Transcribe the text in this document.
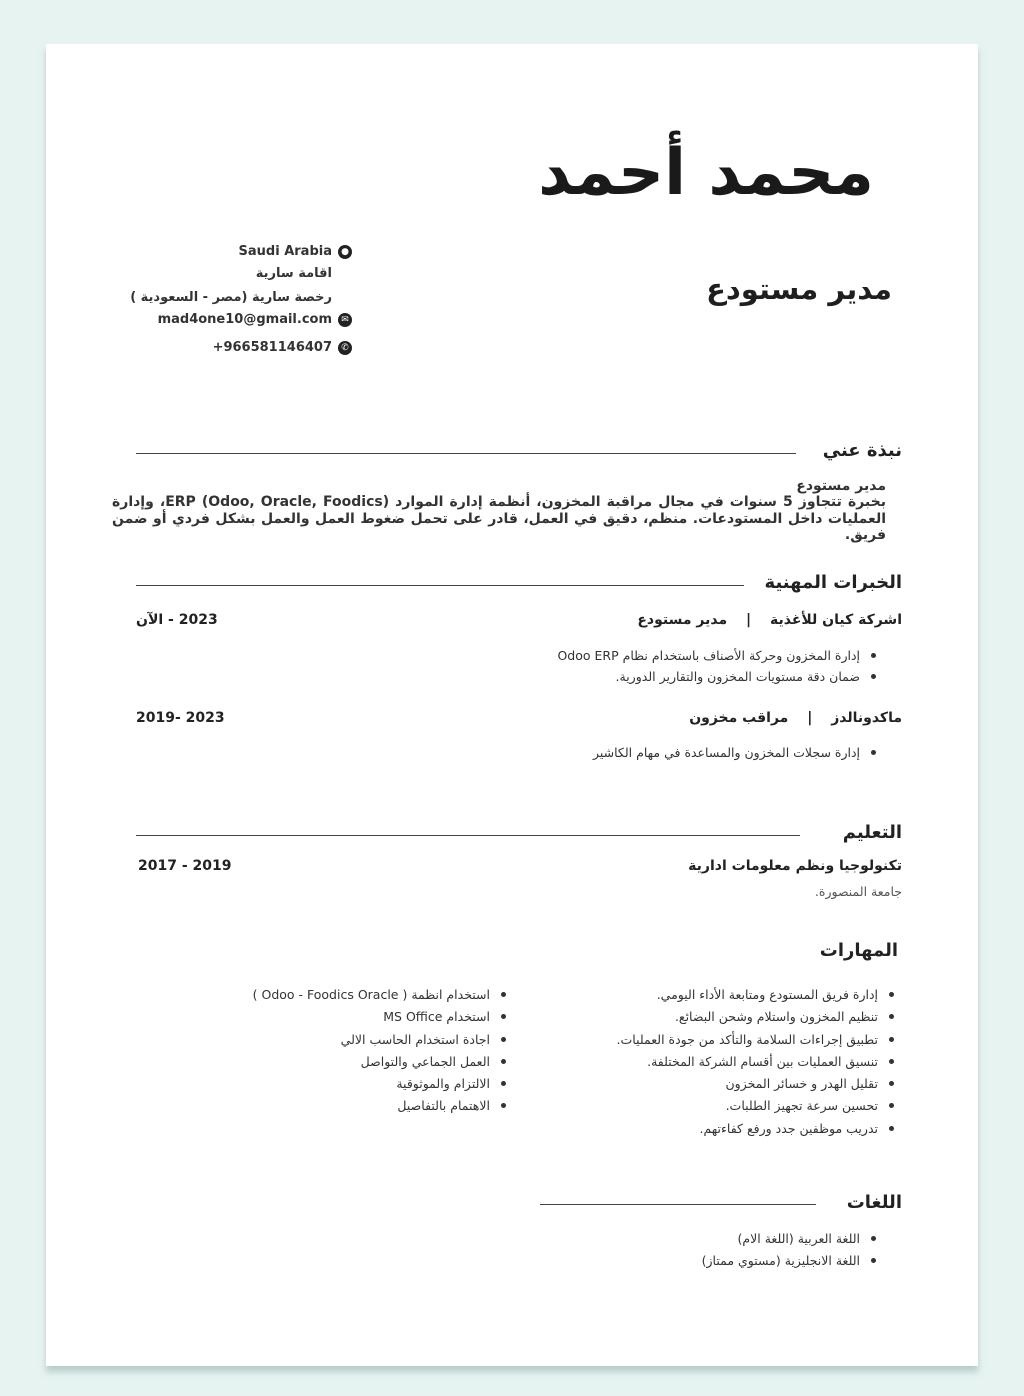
محمد أحمد
مدير مستودع
Saudi Arabia ●
اقامة سارية
رخصة سارية (مصر - السعودية )
mad4one10@gmail.com ✉
+966581146407 ✆
نبذة عني
مدير مستودع
بخبرة تتجاوز 5 سنوات في مجال مراقبة المخزون، أنظمة إدارة الموارد ERP (Odoo, Oracle, Foodics)، وإدارة العمليات داخل المستودعات. منظم، دقيق في العمل، قادر على تحمل ضغوط العمل والعمل بشكل فردي أو ضمن فريق.
الخبرات المهنية
اشركة كيان للأغذية | مدير مستودع
2023 - الآن
إدارة المخزون وحركة الأصناف باستخدام نظام Odoo ERP
ضمان دقة مستويات المخزون والتقارير الدورية.
ماكدونالدز | مراقب مخزون
2019- 2023
إدارة سجلات المخزون والمساعدة في مهام الكاشير
التعليم
تكنولوجيا ونظم معلومات ادارية
2017 - 2019
جامعة المنصورة.
المهارات
إدارة فريق المستودع ومتابعة الأداء اليومي.
تنظيم المخزون واستلام وشحن البضائع.
تطبيق إجراءات السلامة والتأكد من جودة العمليات.
تنسيق العمليات بين أقسام الشركة المختلفة.
تقليل الهدر و خسائر المخزون
تحسين سرعة تجهيز الطلبات.
تدريب موظفين جدد ورفع كفاءتهم.
استخدام انظمة ( Odoo - Foodics Oracle )
استخدام MS Office
اجادة استخدام الحاسب الالي
العمل الجماعي والتواصل
الالتزام والموثوقية
الاهتمام بالتفاصيل
اللغات
اللغة العربية (اللغة الام)
اللغة الانجليزية (مستوي ممتاز)
